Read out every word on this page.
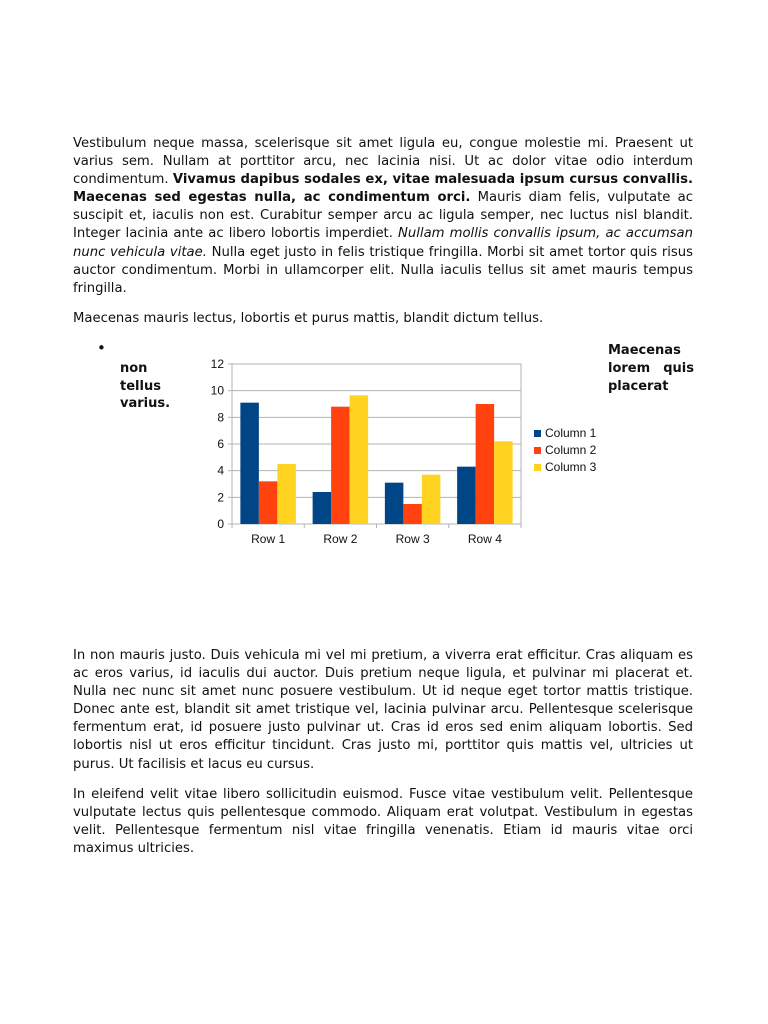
Vestibulum neque massa, scelerisque sit amet ligula eu, congue molestie mi. Praesent ut varius sem. Nullam at porttitor arcu, nec lacinia nisi. Ut ac dolor vitae odio interdum condimentum. Vivamus dapibus sodales ex, vitae malesuada ipsum cursus convallis. Maecenas sed egestas nulla, ac condimentum orci. Mauris diam felis, vulputate ac suscipit et, iaculis non est. Curabitur semper arcu ac ligula semper, nec luctus nisl blandit. Integer lacinia ante ac libero lobortis imperdiet. Nullam mollis convallis ipsum, ac accumsan nunc vehicula vitae. Nulla eget justo in felis tristique fringilla. Morbi sit amet tortor quis risus auctor condimentum. Morbi in ullamcorper elit. Nulla iaculis tellus sit amet mauris tempus fringilla.

Maecenas mauris lectus, lobortis et purus mattis, blandit dictum tellus.

•
non tellus varius.
Maecenas lorem quis placerat
0
2
4
6
8
10
12
Row 1	Row 2	Row 3	Row 4
Column 1
Column 2
Column 3

In non mauris justo. Duis vehicula mi vel mi pretium, a viverra erat efficitur. Cras aliquam es ac eros varius, id iaculis dui auctor. Duis pretium neque ligula, et pulvinar mi placerat et. Nulla nec nunc sit amet nunc posuere vestibulum. Ut id neque eget tortor mattis tristique. Donec ante est, blandit sit amet tristique vel, lacinia pulvinar arcu. Pellentesque scelerisque fermentum erat, id posuere justo pulvinar ut. Cras id eros sed enim aliquam lobortis. Sed lobortis nisl ut eros efficitur tincidunt. Cras justo mi, porttitor quis mattis vel, ultricies ut purus. Ut facilisis et lacus eu cursus.

In eleifend velit vitae libero sollicitudin euismod. Fusce vitae vestibulum velit. Pellentesque vulputate lectus quis pellentesque commodo. Aliquam erat volutpat. Vestibulum in egestas velit. Pellentesque fermentum nisl vitae fringilla venenatis. Etiam id mauris vitae orci maximus ultricies.
